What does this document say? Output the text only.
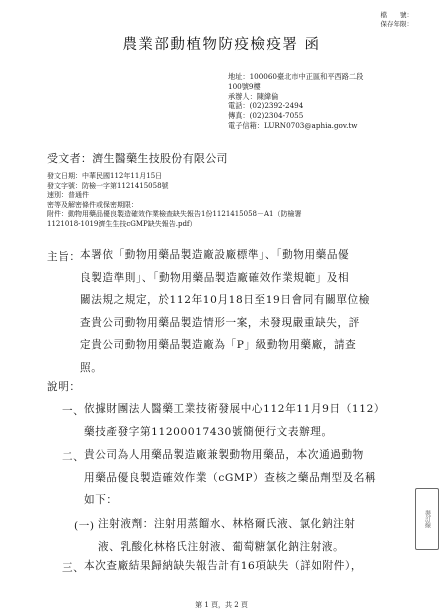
檔　　號：
保存年限：
農業部動植物防疫檢疫署 函
地址：100060臺北市中正區和平西路二段
100號9樓
承辦人：陳緯倫
電話：(02)2392-2494
傳真：(02)2304-7055
電子信箱：LURN0703@aphia.gov.tw
受文者：濟生醫藥生技股份有限公司
發文日期：中華民國112年11月15日
發文字號：防檢一字第1121415058號
速別：普通件
密等及解密條件或保密期限：
附件：動物用藥品優良製造確效作業檢查缺失報告1份1121415058－A1（防檢署
1121018-1019濟生生技cGMP缺失報告.pdf）
主旨： 本署依「動物用藥品製造廠設廠標準」、「動物用藥品優
良製造準則」、「動物用藥品製造廠確效作業規範」及相
關法規之規定，於112年10月18日至19日會同有關單位檢
查貴公司動物用藥品製造情形一案，未發現嚴重缺失，評
定貴公司動物用藥品製造廠為「P」級動物用藥廠，請查
照。
說明：
一、 依據財團法人醫藥工業技術發展中心112年11月9日（112）
藥技產發字第11200017430號簡便行文表辦理。
二、 貴公司為人用藥品製造廠兼製動物用藥品，本次通過動物
用藥品優良製造確效作業（cGMP）查核之藥品劑型及名稱
如下：
(一) 注射液劑：注射用蒸餾水、林格爾氏液、氯化鈉注射
液、乳酸化林格氏注射液、葡萄糖氯化鈉注射液。
三、 本次查廠結果歸納缺失報告計有16項缺失（詳如附件），
裝訂線
第 1 頁，共 2 頁
